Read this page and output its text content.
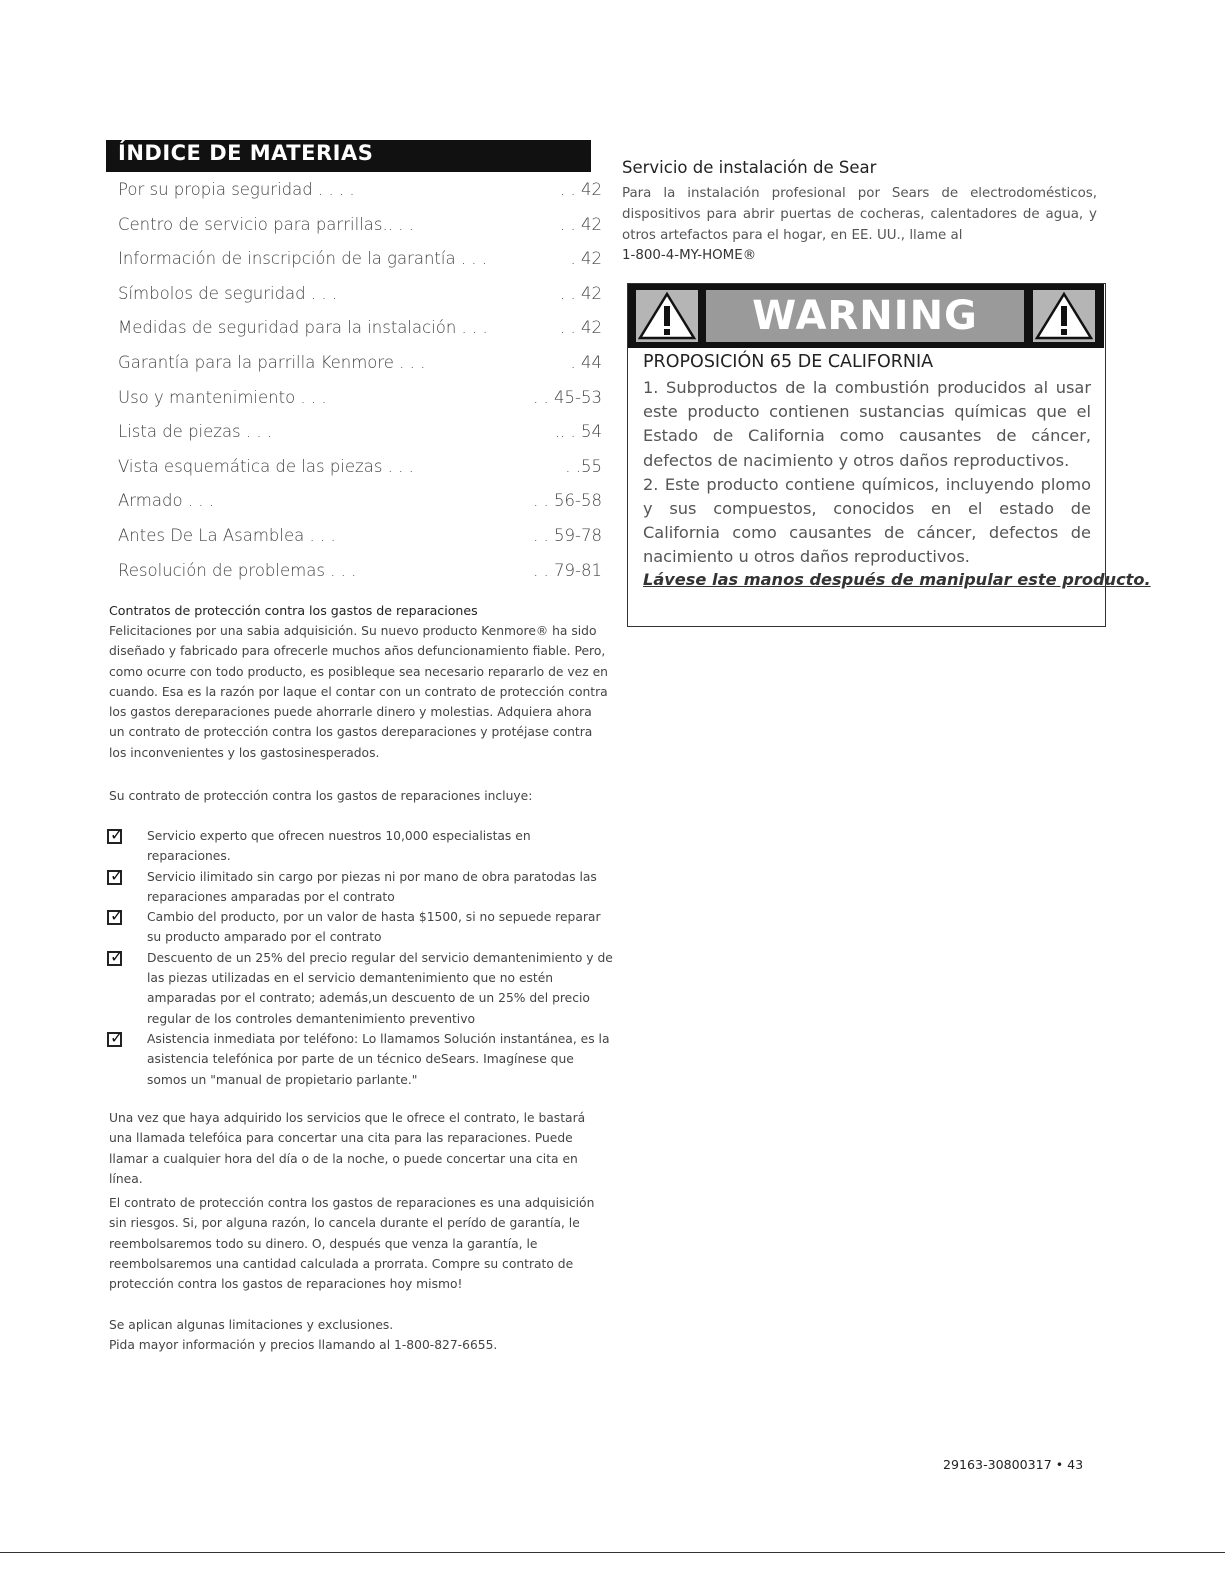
ÍNDICE DE MATERIAS
Por su propia seguridad . . . .	. . 42
Centro de servicio para parrillas.. . .	. . 42
Información de inscripción de la garantía . . .	. 42
Símbolos de seguridad . . .	. . 42
Medidas de seguridad para la instalación . . .	. . 42
Garantía para la parrilla Kenmore . . .	. 44
Uso y mantenimiento . . .	. . 45-53
Lista de piezas . . .	.. . 54
Vista esquemática de las piezas . . .	. .55
Armado . . .	. . 56-58
Antes De La Asamblea . . .	. . 59-78
Resolución de problemas . . .	. . 79-81
Contratos de protección contra los gastos de reparaciones

Felicitaciones por una sabia adquisición. Su nuevo producto Kenmore® ha sido diseñado y fabricado para ofrecerle muchos años defuncionamiento fiable. Pero, como ocurre con todo producto, es posibleque sea necesario repararlo de vez en cuando. Esa es la razón por laque el contar con un contrato de protección contra los gastos dereparaciones puede ahorrarle dinero y molestias. Adquiera ahora un contrato de protección contra los gastos dereparaciones y protéjase contra los inconvenientes y los gastosinesperados.

Su contrato de protección contra los gastos de reparaciones incluye:

✓
Servicio experto que ofrecen nuestros 10,000 especialistas en reparaciones.
✓
Servicio ilimitado sin cargo por piezas ni por mano de obra paratodas las reparaciones amparadas por el contrato
✓
Cambio del producto, por un valor de hasta $1500, si no sepuede reparar su producto amparado por el contrato
✓
Descuento de un 25% del precio regular del servicio demantenimiento y de las piezas utilizadas en el servicio demantenimiento que no estén amparadas por el contrato; además,un descuento de un 25% del precio regular de los controles demantenimiento preventivo
✓
Asistencia inmediata por teléfono: Lo llamamos Solución instantánea, es la asistencia telefónica por parte de un técnico deSears. Imagínese que somos un "manual de propietario parlante."

Una vez que haya adquirido los servicios que le ofrece el contrato, le bastará una llamada telefóica para concertar una cita para las reparaciones. Puede llamar a cualquier hora del día o de la noche, o puede concertar una cita en línea.

El contrato de protección contra los gastos de reparaciones es una adquisición sin riesgos. Si, por alguna razón, lo cancela durante el perído de garantía, le reembolsaremos todo su dinero. O, después que venza la garantía, le reembolsaremos una cantidad calculada a prorrata. Compre su contrato de protección contra los gastos de reparaciones hoy mismo!

Se aplican algunas limitaciones y exclusiones.

Pida mayor información y precios llamando al 1-800-827-6655.

Servicio de instalación de Sear

Para la instalación profesional por Sears de electrodomésticos, dispositivos para abrir puertas de cocheras, calentadores de agua, y otros artefactos para el hogar, en EE. UU., llame al

1-800-4-MY-HOME®
WARNING
PROPOSICIÓN 65 DE CALIFORNIA

1. Subproductos de la combustión producidos al usar este producto contienen sustancias químicas que el Estado de California como causantes de cáncer, defectos de nacimiento y otros daños reproductivos.

2. Este producto contiene químicos, incluyendo plomo y sus compuestos, conocidos en el estado de California como causantes de cáncer, defectos de nacimiento u otros daños reproductivos.

Lávese las manos después de manipular este producto.
29163-30800317 • 43
